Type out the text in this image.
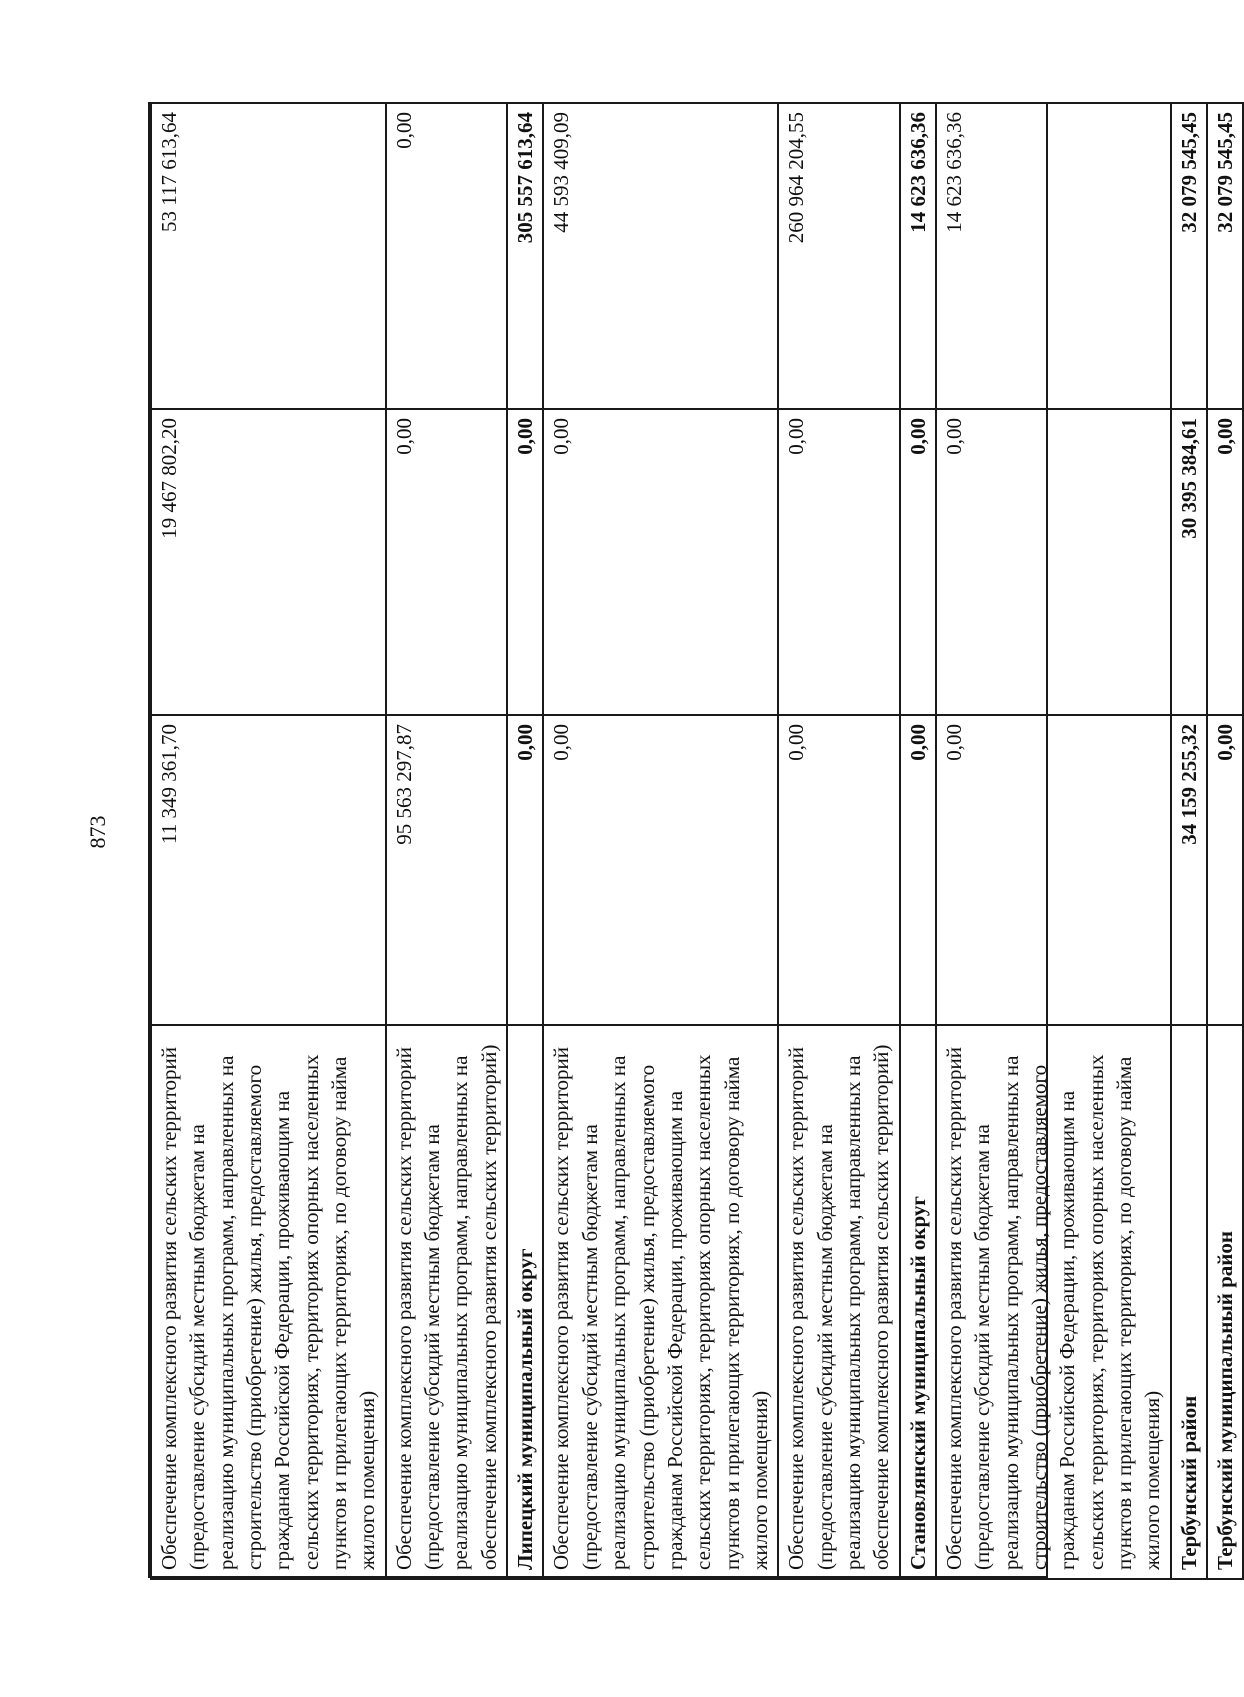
873
Обеспечение комплексного развития сельских территорий (предоставление субсидий местным бюджетам на реализацию муниципальных программ, направленных на строительство (приобретение) жилья, предоставляемого гражданам Российской Федерации, проживающим на сельских территориях, территориях опорных населенных пунктов и прилегающих территориях, по договору найма жилого помещения)	11 349 361,70	19 467 802,20	53 117 613,64
Обеспечение комплексного развития сельских территорий (предоставление субсидий местным бюджетам на реализацию муниципальных программ, направленных на обеспечение комплексного развития сельских территорий)	95 563 297,87	0,00	0,00
Липецкий муниципальный округ	0,00	0,00	305 557 613,64
Обеспечение комплексного развития сельских территорий (предоставление субсидий местным бюджетам на реализацию муниципальных программ, направленных на строительство (приобретение) жилья, предоставляемого гражданам Российской Федерации, проживающим на сельских территориях, территориях опорных населенных пунктов и прилегающих территориях, по договору найма жилого помещения)	0,00	0,00	44 593 409,09
Обеспечение комплексного развития сельских территорий (предоставление субсидий местным бюджетам на реализацию муниципальных программ, направленных на обеспечение комплексного развития сельских территорий)	0,00	0,00	260 964 204,55
Становлянский муниципальный округ	0,00	0,00	14 623 636,36
Обеспечение комплексного развития сельских территорий (предоставление субсидий местным бюджетам на реализацию муниципальных программ, направленных на строительство (приобретение) жилья, предоставляемого гражданам Российской Федерации, проживающим на сельских территориях, территориях опорных населенных пунктов и прилегающих территориях, по договору найма жилого помещения)	0,00	0,00	14 623 636,36
Тербунский район	34 159 255,32	30 395 384,61	32 079 545,45
Тербунский муниципальный район	0,00	0,00	32 079 545,45
